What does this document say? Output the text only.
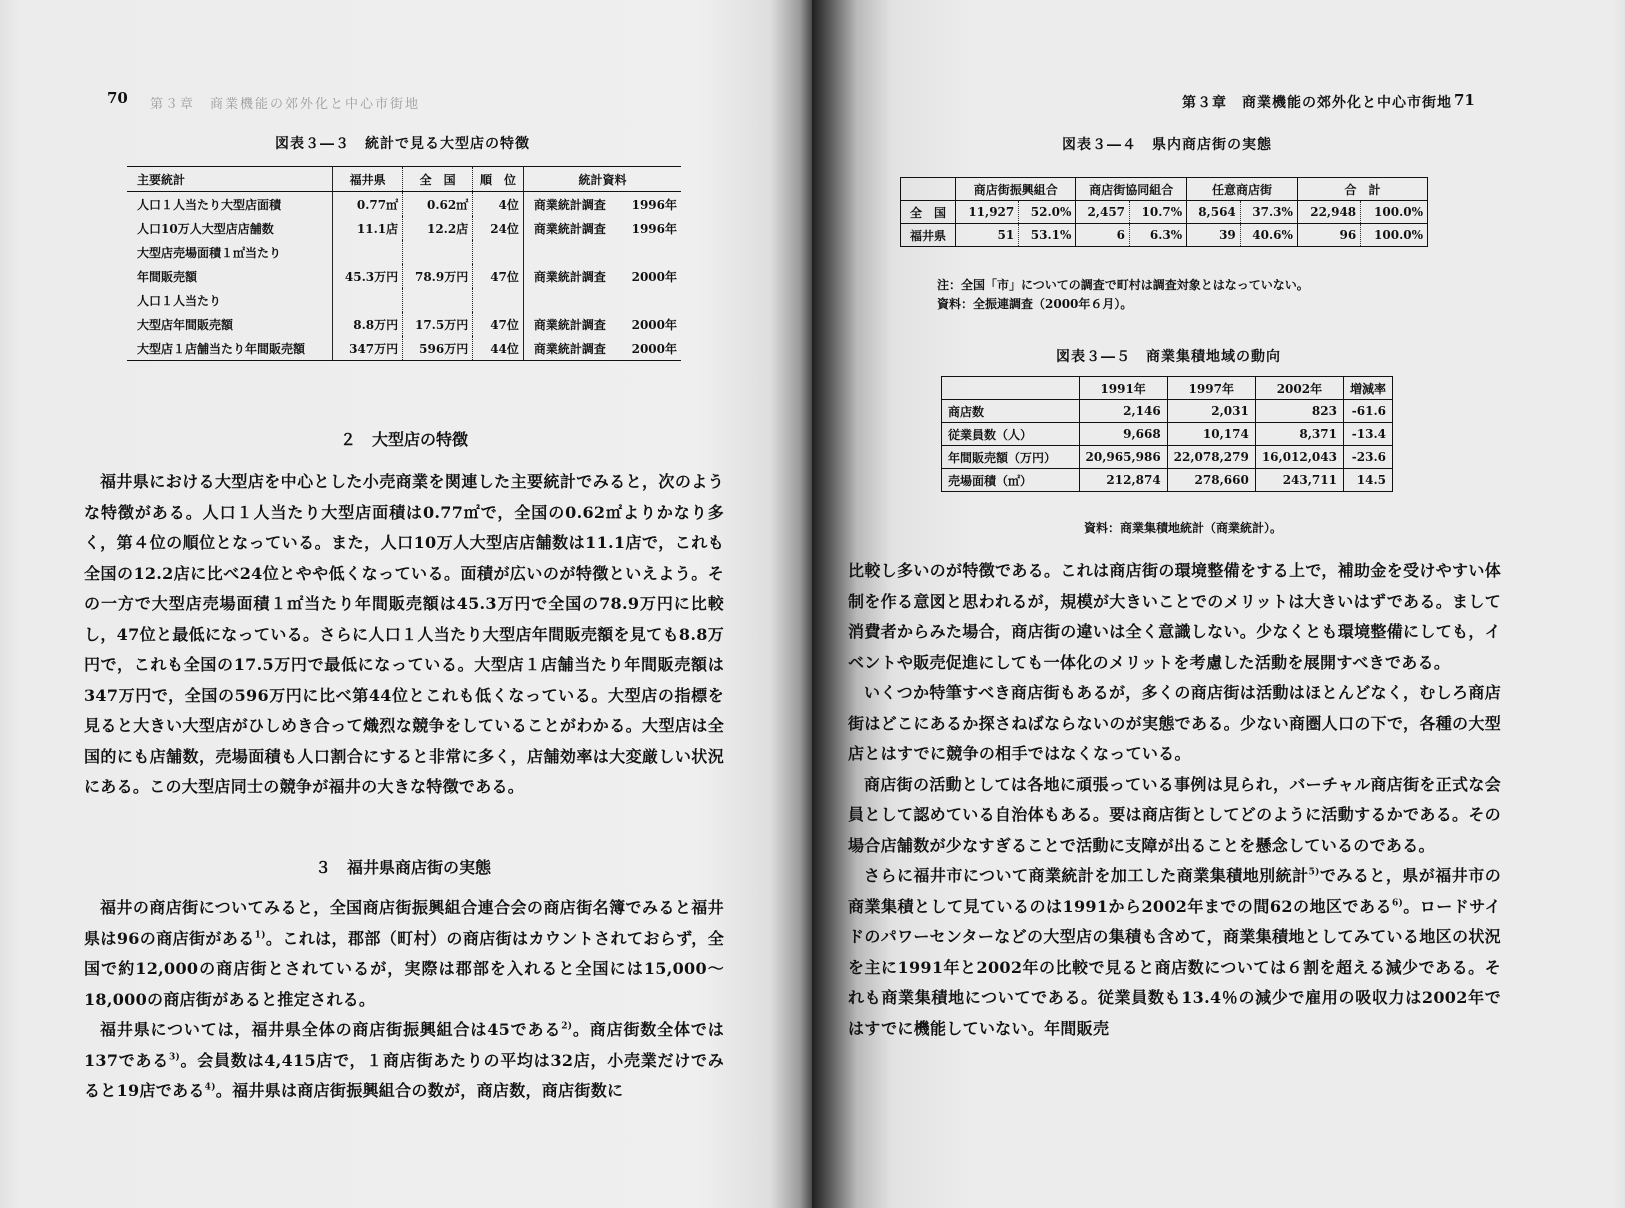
70 第３章　商業機能の郊外化と中心市街地
図表３―３　統計で見る大型店の特徴
主要統計	福井県	全　国	順　位	統計資料	
人口１人当たり大型店面積	0.77㎡	0.62㎡	4位	商業統計調査	1996年
人口10万人大型店店舗数	11.1店	12.2店	24位	商業統計調査	1996年
大型店売場面積１㎡当たり					
年間販売額	45.3万円	78.9万円	47位	商業統計調査	2000年
人口１人当たり					
大型店年間販売額	8.8万円	17.5万円	47位	商業統計調査	2000年
大型店１店舗当たり年間販売額	347万円	596万円	44位	商業統計調査	2000年
２　大型店の特徴

福井県における大型店を中心とした小売商業を関連した主要統計でみると，次のような特徴がある。人口１人当たり大型店面積は0.77㎡で，全国の0.62㎡よりかなり多く，第４位の順位となっている。また，人口10万人大型店店舗数は11.1店で，これも全国の12.2店に比べ24位とやや低くなっている。面積が広いのが特徴といえよう。その一方で大型店売場面積１㎡当たり年間販売額は45.3万円で全国の78.9万円に比較し，47位と最低になっている。さらに人口１人当たり大型店年間販売額を見ても8.8万円で，これも全国の17.5万円で最低になっている。大型店１店舗当たり年間販売額は347万円で，全国の596万円に比べ第44位とこれも低くなっている。大型店の指標を見ると大きい大型店がひしめき合って熾烈な競争をしていることがわかる。大型店は全国的にも店舗数，売場面積も人口割合にすると非常に多く，店舗効率は大変厳しい状況にある。この大型店同士の競争が福井の大きな特徴である。

３　福井県商店街の実態

福井の商店街についてみると，全国商店街振興組合連合会の商店街名簿でみると福井県は96の商店街がある$^{1)}$。これは，郡部（町村）の商店街はカウントされておらず，全国で約12,000の商店街とされているが，実際は郡部を入れると全国には15,000～18,000の商店街があると推定される。

福井県については，福井県全体の商店街振興組合は45である$^{2)}$。商店街数全体では137である$^{3)}$。会員数は4,415店で，１商店街あたりの平均は32店，小売業だけでみると19店である$^{4)}$。福井県は商店街振興組合の数が，商店数，商店街数に

第３章　商業機能の郊外化と中心市街地 71
図表３―４　県内商店街の実態
	商店街振興組合		商店街協同組合		任意商店街		合　計	
全　国	11,927	52.0%	2,457	10.7%	8,564	37.3%	22,948	100.0%
福井県	51	53.1%	6	6.3%	39	40.6%	96	100.0%
注：全国「市」についての調査で町村は調査対象とはなっていない。
資料：全振連調査（2000年６月）。
図表３―５　商業集積地域の動向
	1991年	1997年	2002年	増減率
商店数	2,146	2,031	823	-61.6
従業員数（人）	9,668	10,174	8,371	-13.4
年間販売額（万円）	20,965,986	22,078,279	16,012,043	-23.6
売場面積（㎡）	212,874	278,660	243,711	14.5
資料：商業集積地統計（商業統計）。

比較し多いのが特徴である。これは商店街の環境整備をする上で，補助金を受けやすい体制を作る意図と思われるが，規模が大きいことでのメリットは大きいはずである。まして消費者からみた場合，商店街の違いは全く意識しない。少なくとも環境整備にしても，イベントや販売促進にしても一体化のメリットを考慮した活動を展開すべきである。

いくつか特筆すべき商店街もあるが，多くの商店街は活動はほとんどなく，むしろ商店街はどこにあるか探さねばならないのが実態である。少ない商圏人口の下で，各種の大型店とはすでに競争の相手ではなくなっている。

商店街の活動としては各地に頑張っている事例は見られ，バーチャル商店街を正式な会員として認めている自治体もある。要は商店街としてどのように活動するかである。その場合店舗数が少なすぎることで活動に支障が出ることを懸念しているのである。

さらに福井市について商業統計を加工した商業集積地別統計$^{5)}$でみると，県が福井市の商業集積として見ているのは1991から2002年までの間62の地区である$^{6)}$。ロードサイドのパワーセンターなどの大型店の集積も含めて，商業集積地としてみている地区の状況を主に1991年と2002年の比較で見ると商店数については６割を超える減少である。それも商業集積地についてである。従業員数も13.4％の減少で雇用の吸収力は2002年ではすでに機能していない。年間販売
